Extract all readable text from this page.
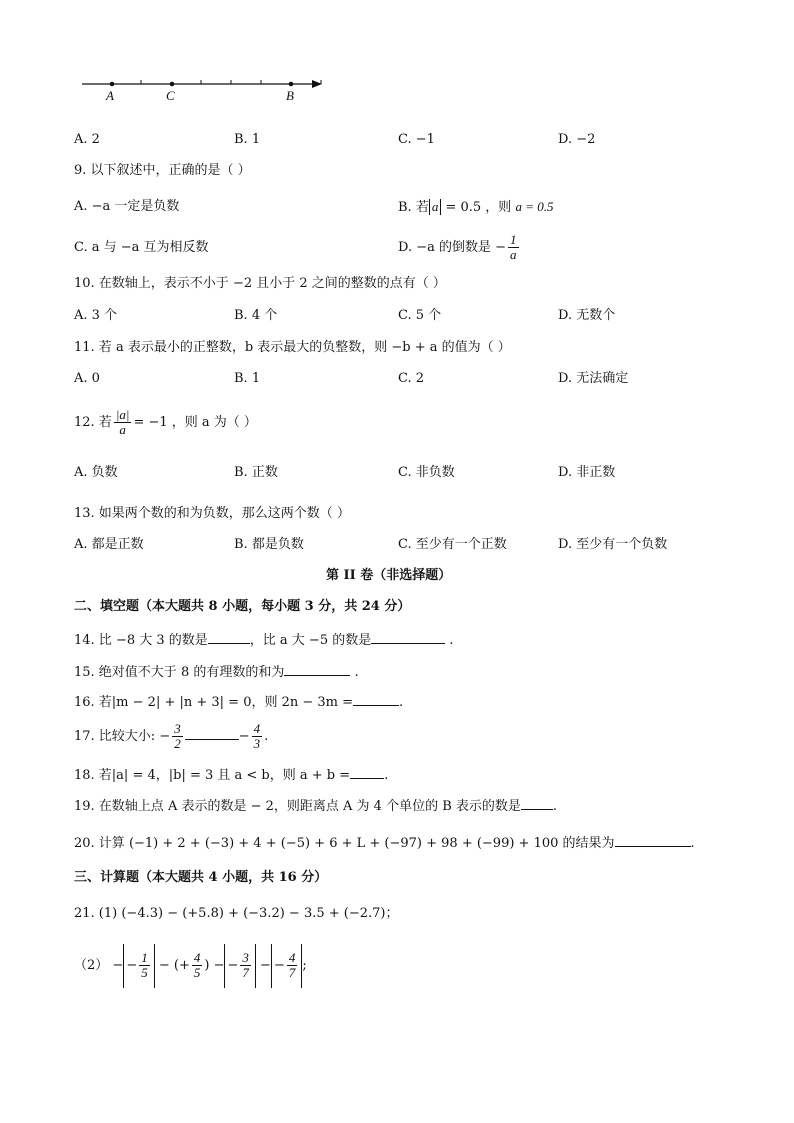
A	C	B
A. 2	B. 1	C. −1	D. −2
9. 以下叙述中，正确的是（ ）
A. −a 一定是负数	B. 若 a = 0.5 ，则 a = 0.5
C. a 与 −a 互为相反数	D. −a 的倒数是 − $\frac{1}{a}$
10. 在数轴上，表示不小于 −2 且小于 2 之间的整数的点有（ ）
A. 3 个	B. 4 个	C. 5 个	D. 无数个
11. 若 a 表示最小的正整数，b 表示最大的负整数，则 −b + a 的值为（ ）
A. 0	B. 1	C. 2	D. 无法确定
12. 若 $\frac{|a|}{a} = -1$ ，则 a 为（ ）
A. 负数	B. 正数	C. 非负数	D. 非正数
13. 如果两个数的和为负数，那么这两个数（ ）
A. 都是正数	B. 都是负数	C. 至少有一个正数	D. 至少有一个负数
第 II 卷（非选择题）
二、填空题（本大题共 8 小题，每小题 3 分，共 24 分）
14. 比 −8 大 3 的数是	，比 a 大 −5 的数是	.
15. 绝对值不大于 8 的有理数的和为	.
16. 若|m − 2| + |n + 3| = 0，则 2n − 3m =	.
17. 比较大小: − $\frac{3}{2}$	− $\frac{4}{3}$ .
18. 若|a| = 4，|b| = 3 且 a < b，则 a + b =	.
19. 在数轴上点 A 表示的数是 − 2，则距离点 A 为 4 个单位的 B 表示的数是 .
20. 计算 (−1) + 2 + (−3) + 4 + (−5) + 6 + L + (−97) + 98 + (−99) + 100 的结果为	.
三、计算题（本大题共 4 小题，共 16 分）
21. (1) (−4.3) − (+5.8) + (−3.2) − 3.5 + (−2.7)；
（2） − − $\frac{1}{5}$ − (+ $\frac{4}{5}$ ) − − $\frac{3}{7}$ − − $\frac{4}{7}$ ;
